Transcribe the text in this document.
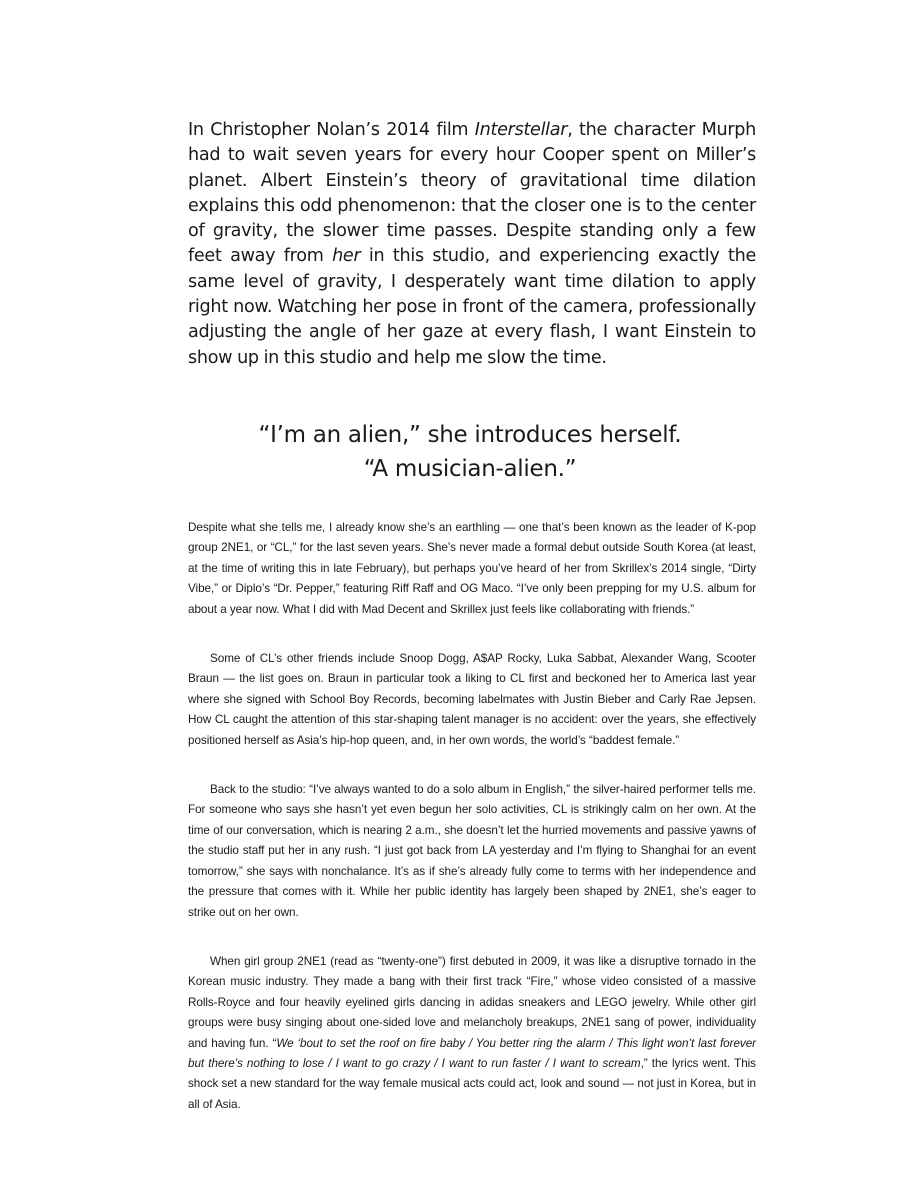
In Christopher Nolan’s 2014 film Interstellar, the character Murph had to wait seven years for every hour Cooper spent on Miller’s planet. Albert Einstein’s theory of gravitational time dilation explains this odd phenomenon: that the closer one is to the center of gravity, the slower time passes. Despite standing only a few feet away from her in this studio, and experiencing exactly the same level of gravity, I desperately want time dilation to apply right now. Watching her pose in front of the camera, professionally adjusting the angle of her gaze at every flash, I want Einstein to show up in this studio and help me slow the time.

“I’m an alien,” she introduces herself.
“A musician-alien.”

Despite what she tells me, I already know she’s an earthling — one that’s been known as the leader of K-pop group 2NE1, or “CL,” for the last seven years. She’s never made a formal debut outside South Korea (at least, at the time of writing this in late February), but perhaps you’ve heard of her from Skrillex’s 2014 single, “Dirty Vibe,” or Diplo’s “Dr. Pepper,” featuring Riff Raff and OG Maco. “I’ve only been prepping for my U.S. album for about a year now. What I did with Mad Decent and Skrillex just feels like collaborating with friends.”

Some of CL’s other friends include Snoop Dogg, A$AP Rocky, Luka Sabbat, Alexander Wang, Scooter Braun — the list goes on. Braun in particular took a liking to CL first and beckoned her to America last year where she signed with School Boy Records, becoming labelmates with Justin Bieber and Carly Rae Jepsen. How CL caught the attention of this star-shaping talent manager is no accident: over the years, she effectively positioned herself as Asia’s hip-hop queen, and, in her own words, the world’s “baddest female.”

Back to the studio: “I’ve always wanted to do a solo album in English,” the silver-haired performer tells me. For someone who says she hasn’t yet even begun her solo activities, CL is strikingly calm on her own. At the time of our conversation, which is nearing 2 a.m., she doesn’t let the hurried movements and passive yawns of the studio staff put her in any rush. “I just got back from LA yesterday and I’m flying to Shanghai for an event tomorrow,” she says with nonchalance. It’s as if she’s already fully come to terms with her independence and the pressure that comes with it. While her public identity has largely been shaped by 2NE1, she’s eager to strike out on her own.

When girl group 2NE1 (read as “twenty-one”) first debuted in 2009, it was like a disruptive tornado in the Korean music industry. They made a bang with their first track “Fire,” whose video consisted of a massive Rolls-Royce and four heavily eyelined girls dancing in adidas sneakers and LEGO jewelry. While other girl groups were busy singing about one-sided love and melancholy breakups, 2NE1 sang of power, individuality and having fun. “We ‘bout to set the roof on fire baby / You better ring the alarm / This light won’t last forever but there’s nothing to lose / I want to go crazy / I want to run faster / I want to scream,” the lyrics went. This shock set a new standard for the way female musical acts could act, look and sound — not just in Korea, but in all of Asia.
